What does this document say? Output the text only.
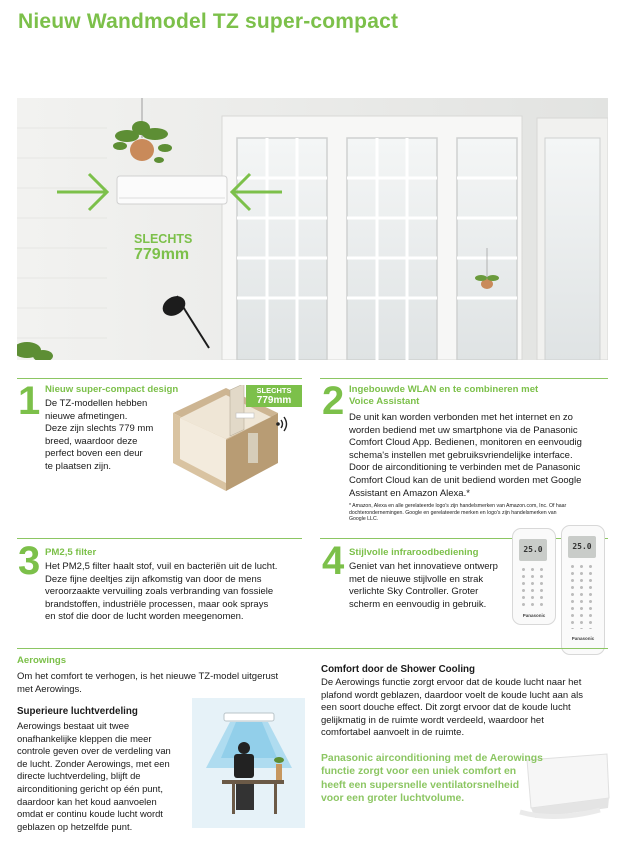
Nieuw Wandmodel TZ super-compact
SLECHTS
779mm
1 Nieuw super-compact design
De TZ-modellen hebben
nieuwe afmetingen.
Deze zijn slechts 779 mm
breed, waardoor deze
perfect boven een deur
te plaatsen zijn.
SLECHTS
779mm 2 Ingebouwde WLAN en te combineren met
Voice Assistant
De unit kan worden verbonden met het internet en zo
worden bediend met uw smartphone via de Panasonic
Comfort Cloud App. Bedienen, monitoren en eenvoudig
schema's instellen met gebruiksvriendelijke interface.
Door de airconditioning te verbinden met de Panasonic
Comfort Cloud kan de unit bediend worden met Google
Assistant en Amazon Alexa.*
* Amazon, Alexa en alle gerelateerde logo's zijn handelsmerken van Amazon.com, Inc. Of haar
dochterondernemingen. Google en gerelateerde merken en logo's zijn handelsmerken van
Google LLC.
3 PM2,5 filter
Het PM2,5 filter haalt stof, vuil en bacteriën uit de lucht.
Deze fijne deeltjes zijn afkomstig van door de mens
veroorzaakte vervuiling zoals verbranding van fossiele
brandstoffen, industriële processen, maar ook sprays
en stof die door de lucht worden meegenomen.
4 Stijlvolle infraroodbediening
Geniet van het innovatieve ontwerp
met de nieuwe stijlvolle en strak
verlichte Sky Controller. Groter
scherm en eenvoudig in gebruik.
25.0
Panasonic
25.0
Panasonic
Aerowings
Om het comfort te verhogen, is het nieuwe TZ-model uitgerust
met Aerowings.
Superieure luchtverdeling
Aerowings bestaat uit twee
onafhankelijke kleppen die meer
controle geven over de verdeling van
de lucht. Zonder Aerowings, met een
directe luchtverdeling, blijft de
airconditioning gericht op één punt,
daardoor kan het koud aanvoelen
omdat er continu koude lucht wordt
geblazen op hetzelfde punt.
Comfort door de Shower Cooling
De Aerowings functie zorgt ervoor dat de koude lucht naar het
plafond wordt geblazen, daardoor voelt de koude lucht aan als
een soort douche effect. Dit zorgt ervoor dat de koude lucht
gelijkmatig in de ruimte wordt verdeeld, waardoor het
comfortabel aanvoelt in de ruimte.
Panasonic airconditioning met de Aerowings
functie zorgt voor een uniek comfort en
heeft een supersnelle ventilatorsnelheid
voor een groter luchtvolume.
